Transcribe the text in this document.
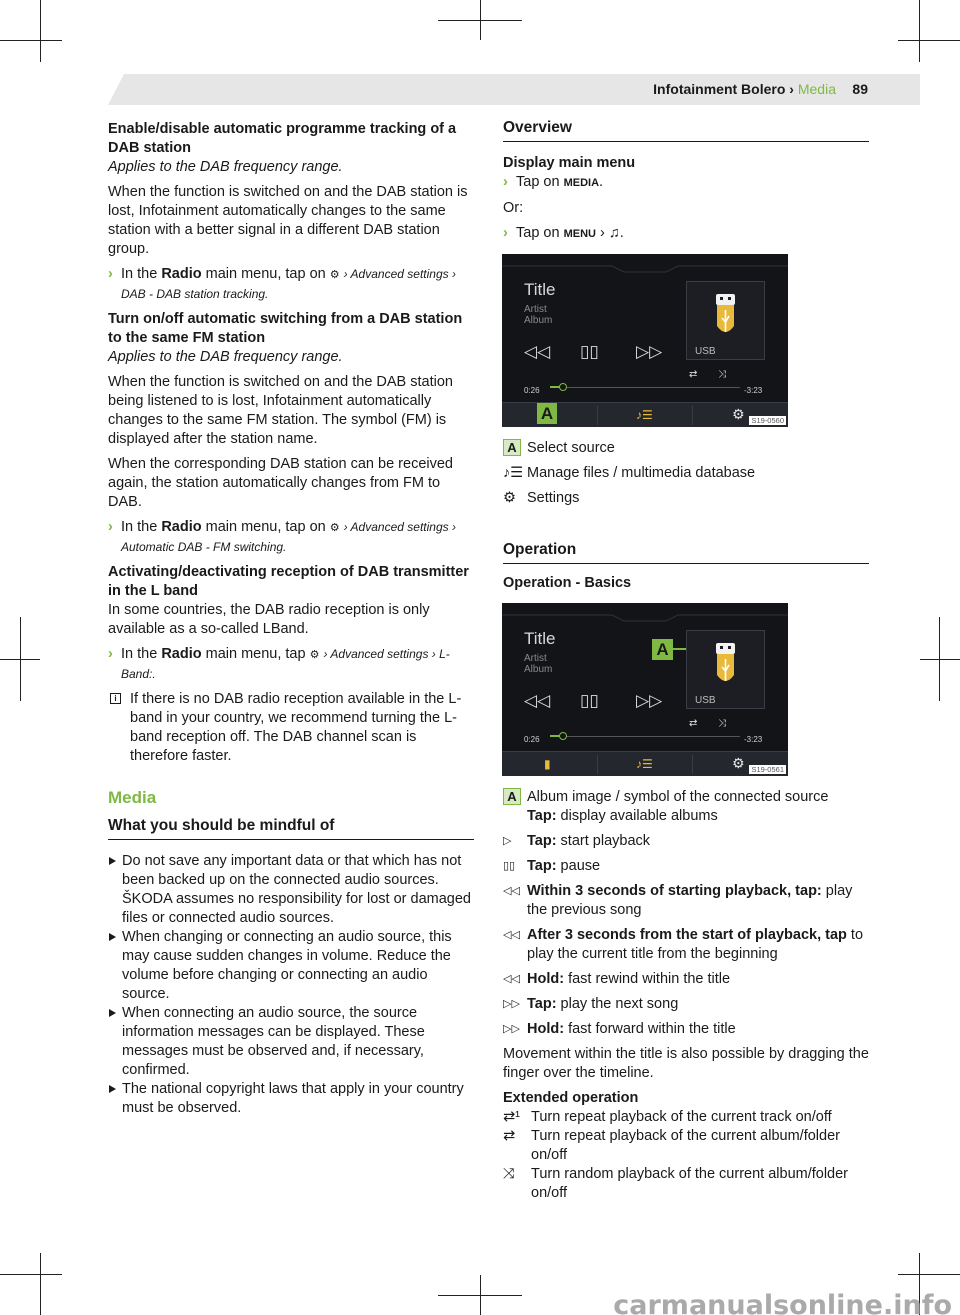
Infotainment Bolero › Media 89

Enable/disable automatic programme tracking of a DAB station

Applies to the DAB frequency range.

When the function is switched on and the DAB station is lost, Infotainment automatically changes to the same station with a better signal in a different DAB station group.

› In the Radio main menu, tap on ⚙ › Advanced settings › DAB - DAB station tracking.

Turn on/off automatic switching from a DAB station to the same FM station

Applies to the DAB frequency range.

When the function is switched on and the DAB station being listened to is lost, Infotainment automatically changes to the same FM station. The symbol (FM) is displayed after the station name.

When the corresponding DAB station can be received again, the station automatically changes from FM to DAB.

› In the Radio main menu, tap on ⚙ › Advanced settings › Automatic DAB - FM switching.

Activating/deactivating reception of DAB transmitter in the L band

In some countries, the DAB radio reception is only available as a so-called LBand.

› In the Radio main menu, tap ⚙ › Advanced settings › L-Band:.
i If there is no DAB radio reception available in the L-band in your country, we recommend turning the L-band reception off. The DAB channel scan is therefore faster.
Media
What you should be mindful of
Do not save any important data or that which has not been backed up on the connected audio sources. ŠKODA assumes no responsibility for lost or damaged files or connected audio sources.
When changing or connecting an audio source, this may cause sudden changes in volume. Reduce the volume before changing or connecting an audio source.
When connecting an audio source, the source information messages can be displayed. These messages must be observed and, if necessary, confirmed.
The national copyright laws that apply in your country must be observed.
Overview

Display main menu

› Tap on MEDIA.

Or:

› Tap on MENU › ♫.
Title
Artist
Album
USB
◁◁ ▯▯ ▷▷
⇄ ⤨
0:26	-3:23
A	♪☰	⚙ S19-0560
A Select source
♪☰ Manage files / multimedia database
⚙ Settings
Operation

Operation - Basics

Title
Artist
Album
A
USB
◁◁ ▯▯ ▷▷
⇄ ⤨
0:26	-3:23
▮	♪☰	⚙ S19-0561
A Album image / symbol of the connected source
Tap: display available albums
▷ Tap: start playback
▯▯ Tap: pause
◁◁ Within 3 seconds of starting playback, tap: play the previous song
◁◁ After 3 seconds from the start of playback, tap to play the current title from the beginning
◁◁ Hold: fast rewind within the title
▷▷ Tap: play the next song
▷▷ Hold: fast forward within the title

Movement within the title is also possible by dragging the finger over the timeline.

Extended operation

⇄¹ Turn repeat playback of the current track on/off
⇄ Turn repeat playback of the current album/folder on/off
⤨ Turn random playback of the current album/folder on/off
carmanualsonline.info
